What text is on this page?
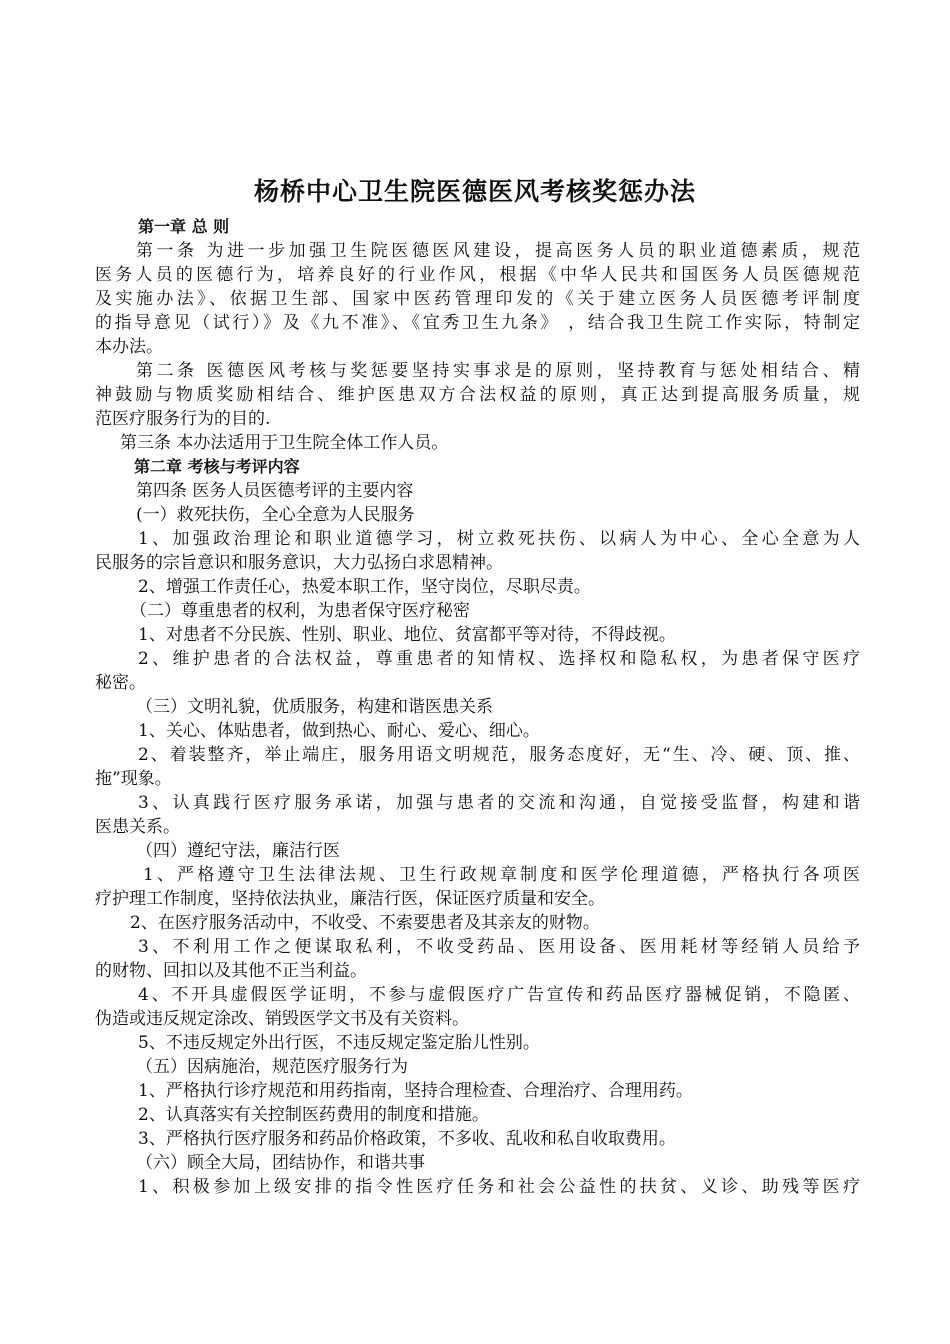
杨桥中心卫生院医德医风考核奖惩办法
第一章 总 则
第一条 为进一步加强卫生院医德医风建设，提高医务人员的职业道德素质，规范
医务人员的医德行为，培养良好的行业作风，根据《中华人民共和国医务人员医德规范
及实施办法》、依据卫生部、国家中医药管理印发的《关于建立医务人员医德考评制度
的指导意见（试行）》及《九不准》、《宜秀卫生九条》 ，结合我卫生院工作实际，特制定
本办法。
第二条 医德医风考核与奖惩要坚持实事求是的原则，坚持教育与惩处相结合、精
神鼓励与物质奖励相结合、维护医患双方合法权益的原则，真正达到提高服务质量，规
范医疗服务行为的目的.
第三条 本办法适用于卫生院全体工作人员。
第二章 考核与考评内容
第四条 医务人员医德考评的主要内容
(一）救死扶伤，全心全意为人民服务
1、加强政治理论和职业道德学习，树立救死扶伤、以病人为中心、全心全意为人
民服务的宗旨意识和服务意识，大力弘扬白求恩精神。
2、增强工作责任心，热爱本职工作，坚守岗位，尽职尽责。
（二）尊重患者的权利，为患者保守医疗秘密
1、对患者不分民族、性别、职业、地位、贫富都平等对待，不得歧视。
2、维护患者的合法权益，尊重患者的知情权、选择权和隐私权，为患者保守医疗
秘密。
（三）文明礼貌，优质服务，构建和谐医患关系
1、关心、体贴患者，做到热心、耐心、爱心、细心。
2、着装整齐，举止端庄，服务用语文明规范，服务态度好，无“生、冷、硬、顶、推、
拖”现象。
3、认真践行医疗服务承诺，加强与患者的交流和沟通，自觉接受监督，构建和谐
医患关系。
（四）遵纪守法，廉洁行医
1、严格遵守卫生法律法规、卫生行政规章制度和医学伦理道德，严格执行各项医
疗护理工作制度，坚持依法执业，廉洁行医，保证医疗质量和安全。
2、在医疗服务活动中，不收受、不索要患者及其亲友的财物。
3、不利用工作之便谋取私利，不收受药品、医用设备、医用耗材等经销人员给予
的财物、回扣以及其他不正当利益。
4、不开具虚假医学证明，不参与虚假医疗广告宣传和药品医疗器械促销，不隐匿、
伪造或违反规定涂改、销毁医学文书及有关资料。
5、不违反规定外出行医，不违反规定鉴定胎儿性别。
（五）因病施治，规范医疗服务行为
1、严格执行诊疗规范和用药指南，坚持合理检查、合理治疗、合理用药。
2、认真落实有关控制医药费用的制度和措施。
3、严格执行医疗服务和药品价格政策，不多收、乱收和私自收取费用。
（六）顾全大局，团结协作，和谐共事
1、积极参加上级安排的指令性医疗任务和社会公益性的扶贫、义诊、助残等医疗
